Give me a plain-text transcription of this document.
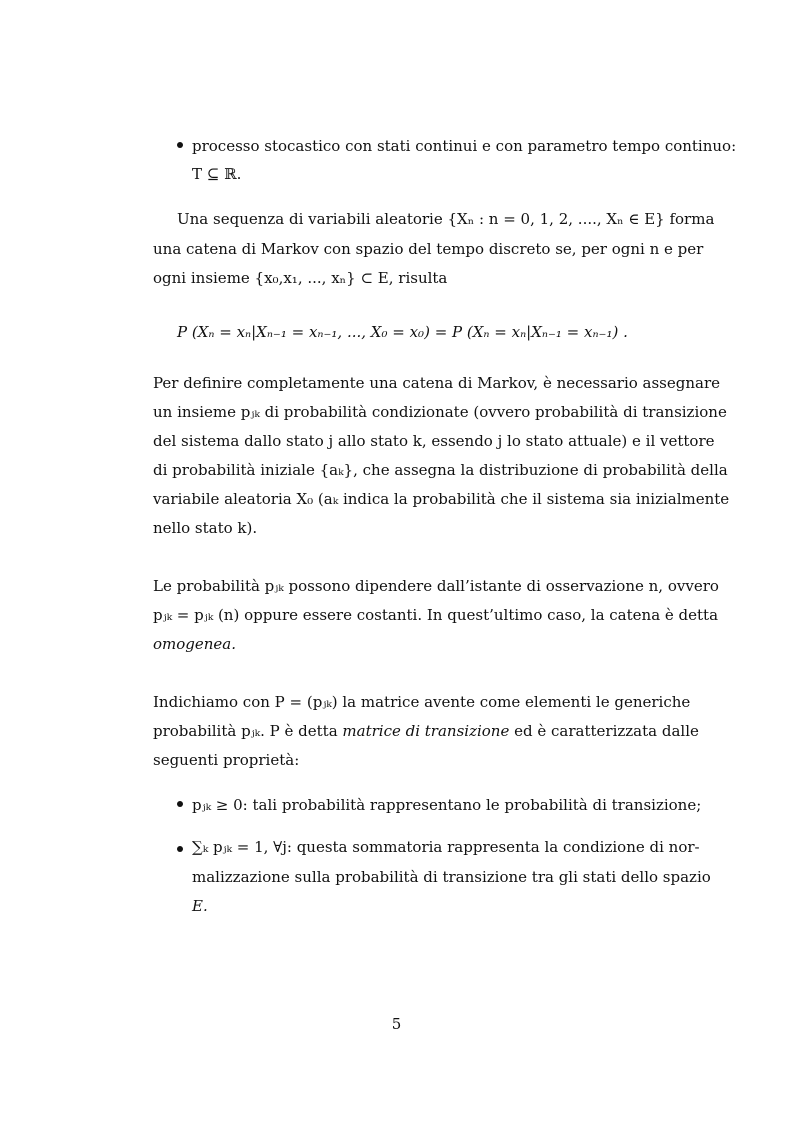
processo stocastico con stati continui e con parametro tempo continuo:
T ⊆ ℝ.
Una sequenza di variabili aleatorie {Xₙ : n = 0, 1, 2, ...., Xₙ ∈ E} forma
una catena di Markov con spazio del tempo discreto se, per ogni n e per
ogni insieme {x₀,x₁, ..., xₙ} ⊂ E, risulta
P (Xₙ = xₙ|Xₙ₋₁ = xₙ₋₁, ..., X₀ = x₀) = P (Xₙ = xₙ|Xₙ₋₁ = xₙ₋₁) .
Per definire completamente una catena di Markov, è necessario assegnare
un insieme pⱼₖ di probabilità condizionate (ovvero probabilità di transizione
del sistema dallo stato j allo stato k, essendo j lo stato attuale) e il vettore
di probabilità iniziale {aₖ}, che assegna la distribuzione di probabilità della
variabile aleatoria X₀ (aₖ indica la probabilità che il sistema sia inizialmente
nello stato k).
Le probabilità pⱼₖ possono dipendere dall’istante di osservazione n, ovvero
pⱼₖ = pⱼₖ (n) oppure essere costanti. In quest’ultimo caso, la catena è detta
omogenea.
Indichiamo con P = (pⱼₖ) la matrice avente come elementi le generiche
probabilità pⱼₖ. P è detta matrice di transizione ed è caratterizzata dalle
seguenti proprietà:
pⱼₖ ≥ 0: tali probabilità rappresentano le probabilità di transizione;
∑ₖ pⱼₖ = 1, ∀j: questa sommatoria rappresenta la condizione di nor-
malizzazione sulla probabilità di transizione tra gli stati dello spazio
E.
5
